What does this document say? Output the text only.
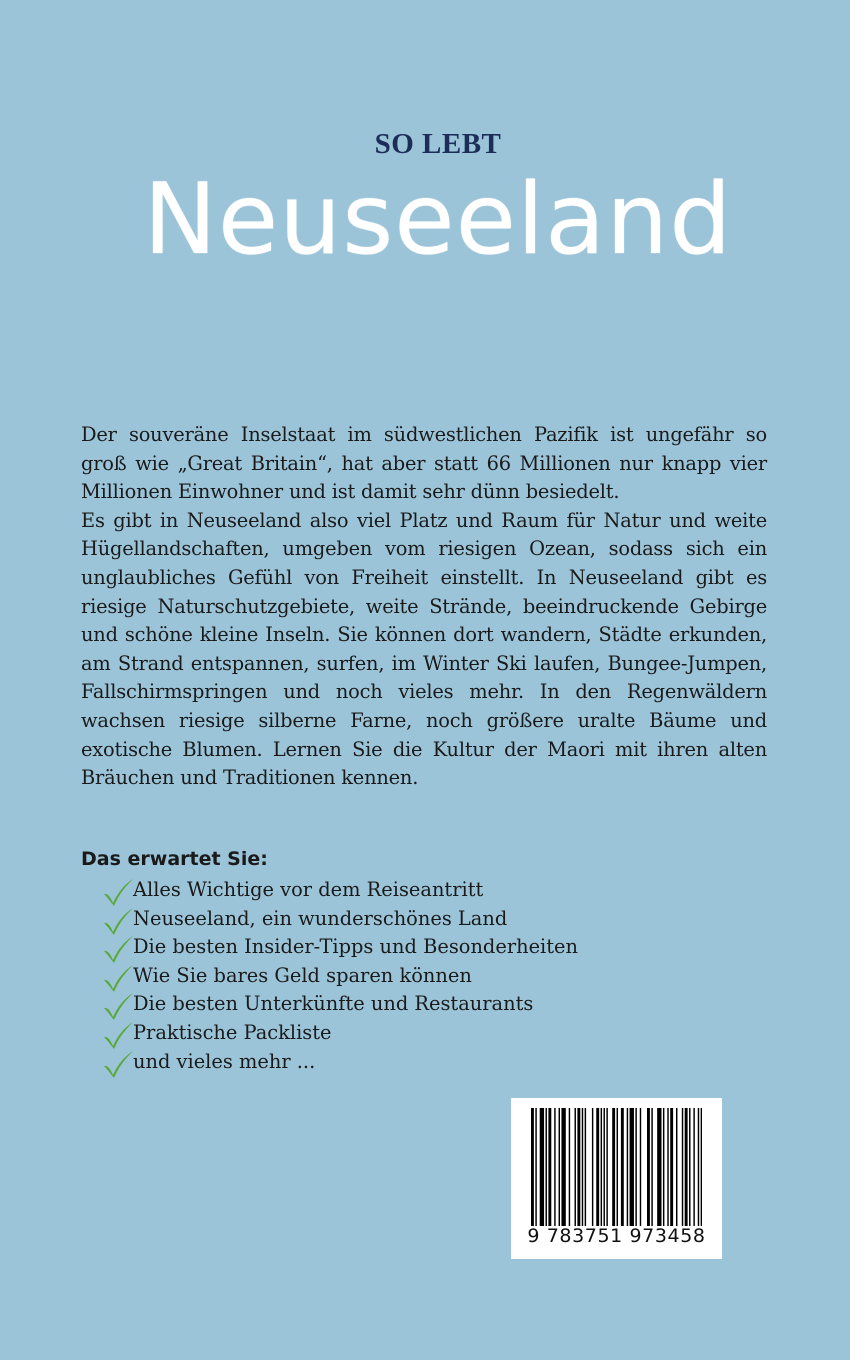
SO LEBT
Neuseeland

Der souveräne Inselstaat im südwestlichen Pazifik ist ungefähr so groß wie „Great Britain“, hat aber statt 66 Millionen nur knapp vier Millionen Einwohner und ist damit sehr dünn besiedelt.

Es gibt in Neuseeland also viel Platz und Raum für Natur und weite Hügellandschaften, umgeben vom riesigen Ozean, sodass sich ein unglaubliches Gefühl von Freiheit einstellt. In Neuseeland gibt es riesige Naturschutzgebiete, weite Strände, beeindruckende Gebirge und schöne kleine Inseln. Sie können dort wandern, Städte erkunden, am Strand entspannen, surfen, im Winter Ski laufen, Bungee-Jumpen, Fallschirmspringen und noch vieles mehr. In den Regenwäldern wachsen riesige silberne Farne, noch größere uralte Bäume und exotische Blumen. Lernen Sie die Kultur der Maori mit ihren alten Bräuchen und Traditionen kennen.

Das erwartet Sie:
Alles Wichtige vor dem Reiseantritt
Neuseeland, ein wunderschönes Land
Die besten Insider-Tipps und Besonderheiten
Wie Sie bares Geld sparen können
Die besten Unterkünfte und Restaurants
Praktische Packliste
und vieles mehr ...
9 783751 973458
